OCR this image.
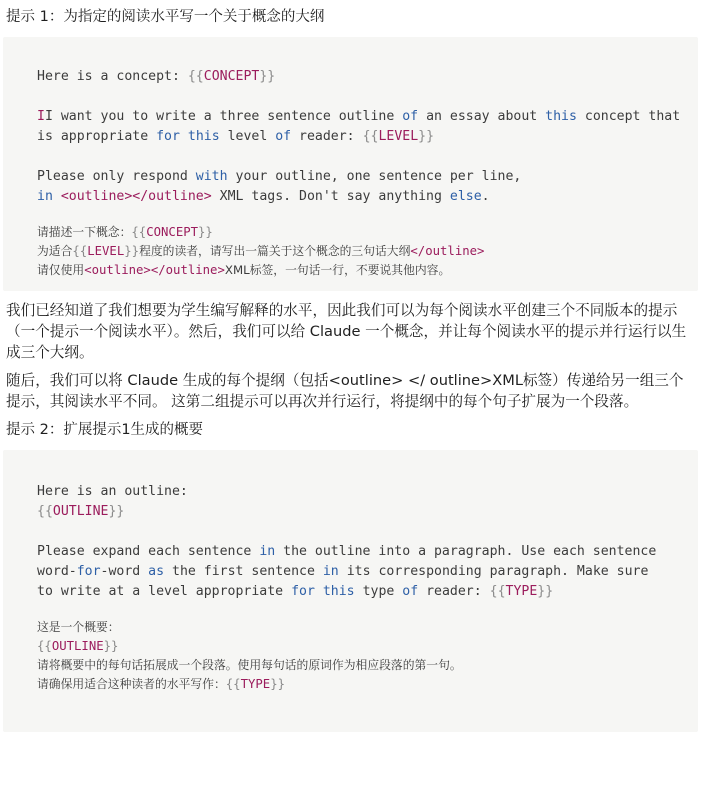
提示 1：为指定的阅读水平写一个关于概念的大纲

Here is a concept: {{CONCEPT}}
II want you to write a three sentence outline of an essay about this concept that
is appropriate for this level of reader: {{LEVEL}}
Please only respond with your outline, one sentence per line,
in <outline></outline> XML tags. Don't say anything else.
请描述一下概念：{{CONCEPT}}
为适合{{LEVEL}}程度的读者，请写出一篇关于这个概念的三句话大纲</outline>
请仅使用<outline></outline>XML标签，一句话一行，不要说其他内容。

我们已经知道了我们想要为学生编写解释的水平，因此我们可以为每个阅读水平创建三个不同版本的提示（一个提示一个阅读水平）。然后，我们可以给 Claude 一个概念，并让每个阅读水平的提示并行运行以生成三个大纲。

随后，我们可以将 Claude 生成的每个提纲（包括<outline> </ outline>XML标签）传递给另一组三个提示，其阅读水平不同。 这第二组提示可以再次并行运行，将提纲中的每个句子扩展为一个段落。

提示 2：扩展提示1生成的概要

Here is an outline:
{{OUTLINE}}
Please expand each sentence in the outline into a paragraph. Use each sentence
word-for-word as the first sentence in its corresponding paragraph. Make sure
to write at a level appropriate for this type of reader: {{TYPE}}
这是一个概要：
{{OUTLINE}}
请将概要中的每句话拓展成一个段落。使用每句话的原词作为相应段落的第一句。
请确保用适合这种读者的水平写作：{{TYPE}}
